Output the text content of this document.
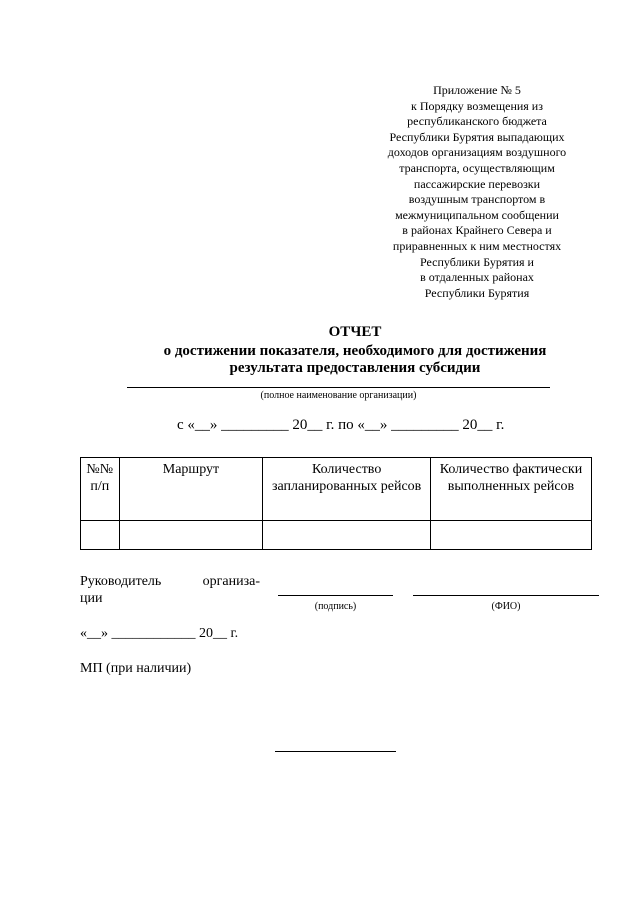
Приложение № 5
к Порядку возмещения из
республиканского бюджета
Республики Бурятия выпадающих
доходов организациям воздушного
транспорта, осуществляющим
пассажирские перевозки
воздушным транспортом в
межмуниципальном сообщении
в районах Крайнего Севера и
приравненных к ним местностях
Республики Бурятия и
в отдаленных районах
Республики Бурятия
ОТЧЕТ
о достижении показателя, необходимого для достижения
результата предоставления субсидии
(полное наименование организации)
с «__» _________ 20__ г. по «__» _________ 20__ г.
№№ п/п	Маршрут	Количество запланированных рейсов	Количество фактически выполненных рейсов

Руководитель организа-
ции
(подпись)	(ФИО)
«__» ____________ 20__ г.
МП (при наличии)
